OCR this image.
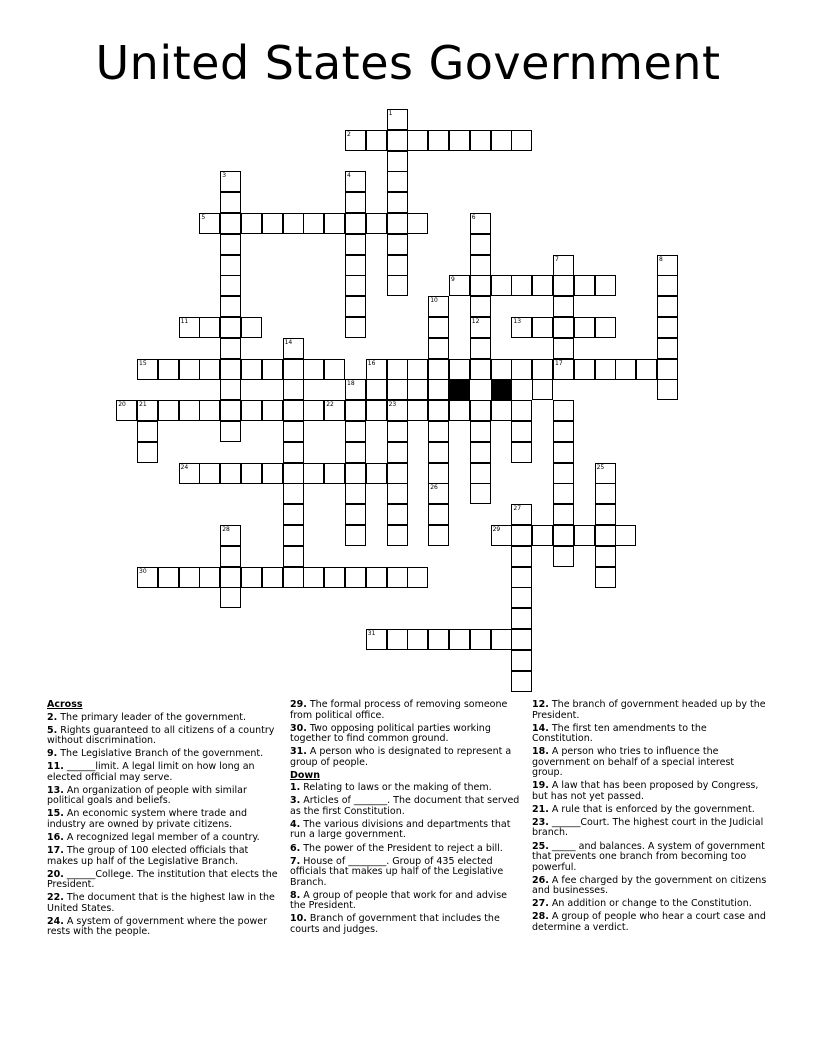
United States Government
1
2
3	4
5	6
7	8
9
10
11	12	13
14
15	16	17
18
20 21	22	23
24	25
26
27
28	29
30
31

Across

2. The primary leader of the government.

5. Rights guaranteed to all citizens of a country without discrimination.

9. The Legislative Branch of the government.

11. ______limit. A legal limit on how long an elected official may serve.

13. An organization of people with similar political goals and beliefs.

15. An economic system where trade and industry are owned by private citizens.

16. A recognized legal member of a country.

17. The group of 100 elected officials that makes up half of the Legislative Branch.

20. ______College. The institution that elects the President.

22. The document that is the highest law in the United States.

24. A system of government where the power rests with the people.

29. The formal process of removing someone from political office.

30. Two opposing political parties working together to find common ground.

31. A person who is designated to represent a group of people.

Down

1. Relating to laws or the making of them.

3. Articles of _______. The document that served as the first Constitution.

4. The various divisions and departments that run a large government.

6. The power of the President to reject a bill.

7. House of ________. Group of 435 elected officials that makes up half of the Legislative Branch.

8. A group of people that work for and advise the President.

10. Branch of government that includes the courts and judges.

12. The branch of government headed up by the President.

14. The first ten amendments to the Constitution.

18. A person who tries to influence the government on behalf of a special interest group.

19. A law that has been proposed by Congress, but has not yet passed.

21. A rule that is enforced by the government.

23. ______Court. The highest court in the Judicial branch.

25. _____ and balances. A system of government that prevents one branch from becoming too powerful.

26. A fee charged by the government on citizens and businesses.

27. An addition or change to the Constitution.

28. A group of people who hear a court case and determine a verdict.
